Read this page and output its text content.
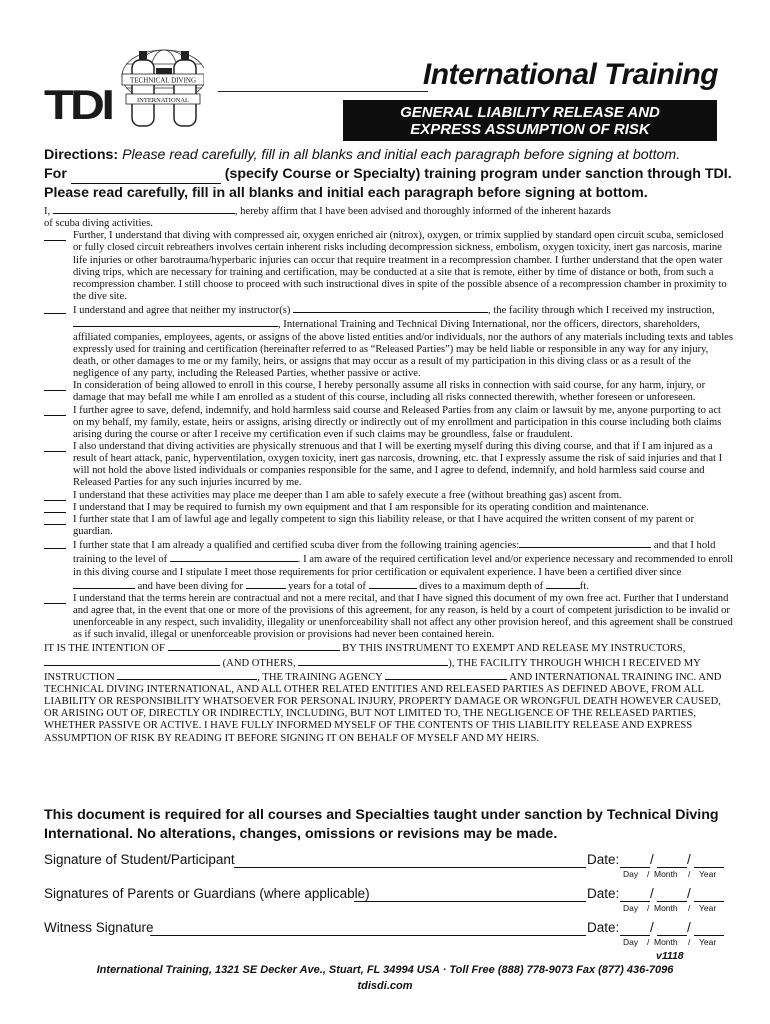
TECHNICAL DIVING
INTERNATIONAL
TDI
International Training
GENERAL LIABILITY RELEASE AND
EXPRESS ASSUMPTION OF RISK
Directions: Please read carefully, fill in all blanks and initial each paragraph before signing at bottom.
For	(specify Course or Specialty) training program under sanction through TDI.
Please read carefully, fill in all blanks and initial each paragraph before signing at bottom.

I,	, hereby affirm that I have been advised and thoroughly informed of the inherent hazards
of scuba diving activities.

Further, I understand that diving with compressed air, oxygen enriched air (nitrox), oxygen, or trimix supplied by standard open circuit scuba, semiclosed or fully closed circuit rebreathers involves certain inherent risks including decompression sickness, embolism, oxygen toxicity, inert gas narcosis, marine life injuries or other barotrauma/hyperbaric injuries can occur that require treatment in a recompression chamber. I further understand that the open water diving trips, which are necessary for training and certification, may be conducted at a site that is remote, either by time of distance or both, from such a recompression chamber. I still choose to proceed with such instructional dives in spite of the possible absence of a recompression chamber in proximity to the dive site.

I understand and agree that neither my instructor(s)	, the facility through which I received my instruction, , International Training and Technical Diving International, nor the officers, directors, shareholders, affiliated companies, employees, agents, or assigns of the above listed entities and/or individuals, nor the authors of any materials including texts and tables expressly used for training and certification (hereinafter referred to as “Released Parties”) may be held liable or responsible in any way for any injury, death, or other damages to me or my family, heirs, or assigns that may occur as a result of my participation in this diving class or as a result of the negligence of any party, including the Released Parties, whether passive or active.

In consideration of being allowed to enroll in this course, I hereby personally assume all risks in connection with said course, for any harm, injury, or damage that may befall me while I am enrolled as a student of this course, including all risks connected therewith, whether foreseen or unforeseen.

I further agree to save, defend, indemnify, and hold harmless said course and Released Parties from any claim or lawsuit by me, anyone purporting to act on my behalf, my family, estate, heirs or assigns, arising directly or indirectly out of my enrollment and participation in this course including both claims arising during the course or after I receive my certification even if such claims may be groundless, false or fraudulent.

I also understand that diving activities are physically strenuous and that I will be exerting myself during this diving course, and that if I am injured as a result of heart attack, panic, hyperventilation, oxygen toxicity, inert gas narcosis, drowning, etc. that I expressly assume the risk of said injuries and that I will not hold the above listed individuals or companies responsible for the same, and I agree to defend, indemnify, and hold harmless said course and Released Parties for any such injuries incurred by me.

I understand that these activities may place me deeper than I am able to safely execute a free (without breathing gas) ascent from.

I understand that I may be required to furnish my own equipment and that I am responsible for its operating condition and maintenance.

I further state that I am of lawful age and legally competent to sign this liability release, or that I have acquired the written consent of my parent or guardian.

I further state that I am already a qualified and certified scuba diver from the following training agencies:	and that I hold training to the level of	. I am aware of the required certification level and/or experience necessary and recommended to enroll in this diving course and I stipulate I meet those requirements for prior certification or equivalent experience. I have been a certified diver since  and have been diving for	years for a total of	dives to a maximum depth of	ft.

I understand that the terms herein are contractual and not a mere recital, and that I have signed this document of my own free act. Further that I understand and agree that, in the event that one or more of the provisions of this agreement, for any reason, is held by a court of competent jurisdiction to be invalid or unenforceable in any respect, such invalidity, illegality or unenforceability shall not affect any other provision hereof, and this agreement shall be construed as if such invalid, illegal or unenforceable provision or provisions had never been contained herein.

IT IS THE INTENTION OF	BY THIS INSTRUMENT TO EXEMPT AND RELEASE MY INSTRUCTORS,
(AND OTHERS,	), THE FACILITY THROUGH WHICH I RECEIVED MY
INSTRUCTION	, THE TRAINING AGENCY	AND INTERNATIONAL TRAINING INC. AND TECHNICAL DIVING INTERNATIONAL, AND ALL OTHER RELATED ENTITIES AND RELEASED PARTIES AS DEFINED ABOVE, FROM ALL LIABILITY OR RESPONSIBILITY WHATSOEVER FOR PERSONAL INJURY, PROPERTY DAMAGE OR WRONGFUL DEATH HOWEVER CAUSED, OR ARISING OUT OF, DIRECTLY OR INDIRECTLY, INCLUDING, BUT NOT LIMITED TO, THE NEGLIGENCE OF THE RELEASED PARTIES, WHETHER PASSIVE OR ACTIVE. I HAVE FULLY INFORMED MYSELF OF THE CONTENTS OF THIS LIABILITY RELEASE AND EXPRESS ASSUMPTION OF RISK BY READING IT BEFORE SIGNING IT ON BEHALF OF MYSELF AND MY HEIRS.

This document is required for all courses and Specialties taught under sanction by Technical Diving International. No alterations, changes, omissions or revisions may be made.
Signature of Student/Participant	Date: / /
Day / Month / Year
Signatures of Parents or Guardians (where applicable)	Date: / /
Day / Month / Year
Witness Signature	Date: / /
Day / Month / Year
v1118
International Training, 1321 SE Decker Ave., Stuart, FL 34994 USA · Toll Free (888) 778-9073 Fax (877) 436-7096
tdisdi.com
